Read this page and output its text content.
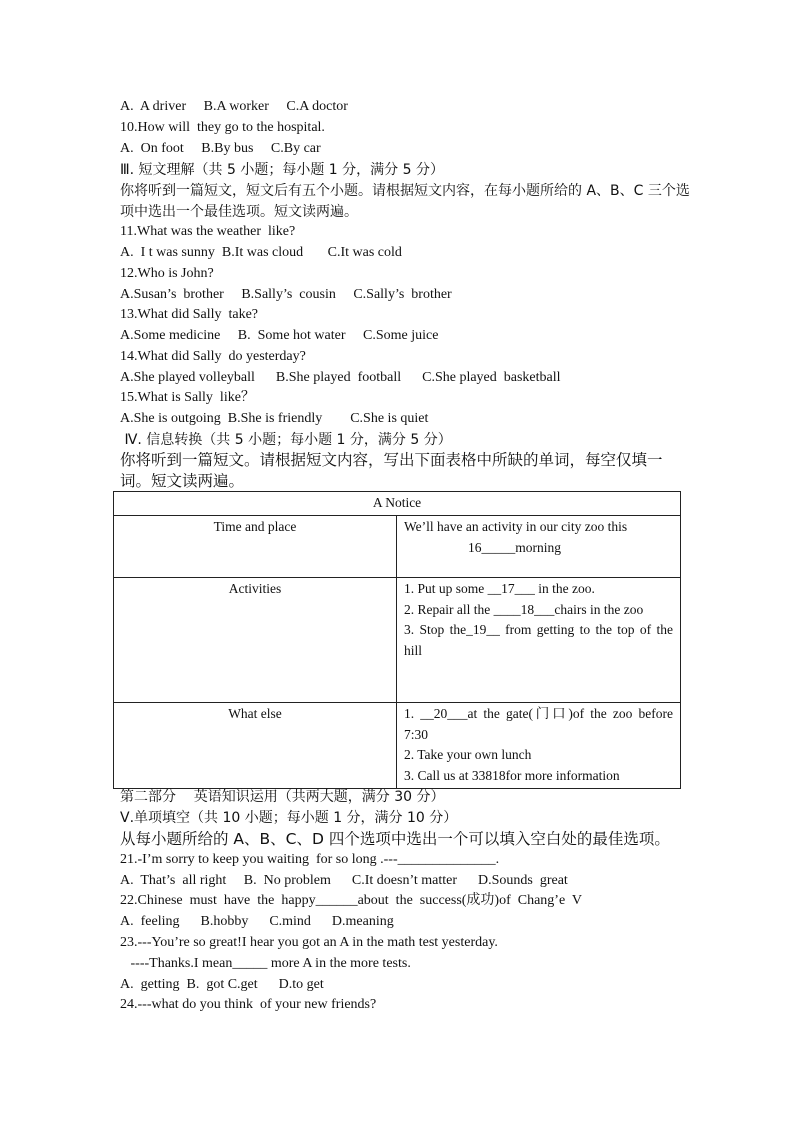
A.  A driver     B.A worker     C.A doctor
10.How will  they go to the hospital.
A.  On foot     B.By bus     C.By car
Ⅲ. 短文理解（共 5 小题；每小题 1 分，满分 5 分）
你将听到一篇短文，短文后有五个小题。请根据短文内容，在每小题所给的 A、B、C 三个选
项中选出一个最佳选项。短文读两遍。
11.What was the weather  like?
A.  I t was sunny  B.It was cloud       C.It was cold
12.Who is John?
A.Susan’s  brother     B.Sally’s  cousin     C.Sally’s  brother
13.What did Sally  take?
A.Some medicine     B.  Some hot water     C.Some juice
14.What did Sally  do yesterday?
A.She played volleyball      B.She played  football      C.She played  basketball
15.What is Sally  like？
A.She is outgoing  B.She is friendly        C.She is quiet
Ⅳ. 信息转换（共 5 小题；每小题 1 分，满分 5 分）
你将听到一篇短文。请根据短文内容，写出下面表格中所缺的单词，每空仅填一
词。短文读两遍。
A Notice	
Time and place	We’ll have an activity in our city zoo this
16_____morning

Activities	1. Put up some __17___ in the zoo.
2. Repair all the ____18___chairs in the zoo
3. Stop the_19__ from getting to the top of the hill

What else	1. __20___at the gate(门口)of the zoo before 7:30
2. Take your own lunch
3. Call us at 33818for more information
第二部分    英语知识运用（共两大题，满分 30 分）
Ⅴ.单项填空（共 10 小题；每小题 1 分，满分 10 分）
从每小题所给的 A、B、C、D 四个选项中选出一个可以填入空白处的最佳选项。
21.-I’m sorry to keep you waiting  for so long .---______________.
A.  That’s  all right     B.  No problem      C.It doesn’t matter      D.Sounds  great
22.Chinese  must  have  the  happy______about  the  success(成功)of  Chang’e  V
A.  feeling      B.hobby      C.mind      D.meaning
23.---You’re so great!I hear you got an A in the math test yesterday.
----Thanks.I mean_____ more A in the more tests.
A.  getting  B.  got C.get      D.to get
24.---what do you think  of your new friends?
